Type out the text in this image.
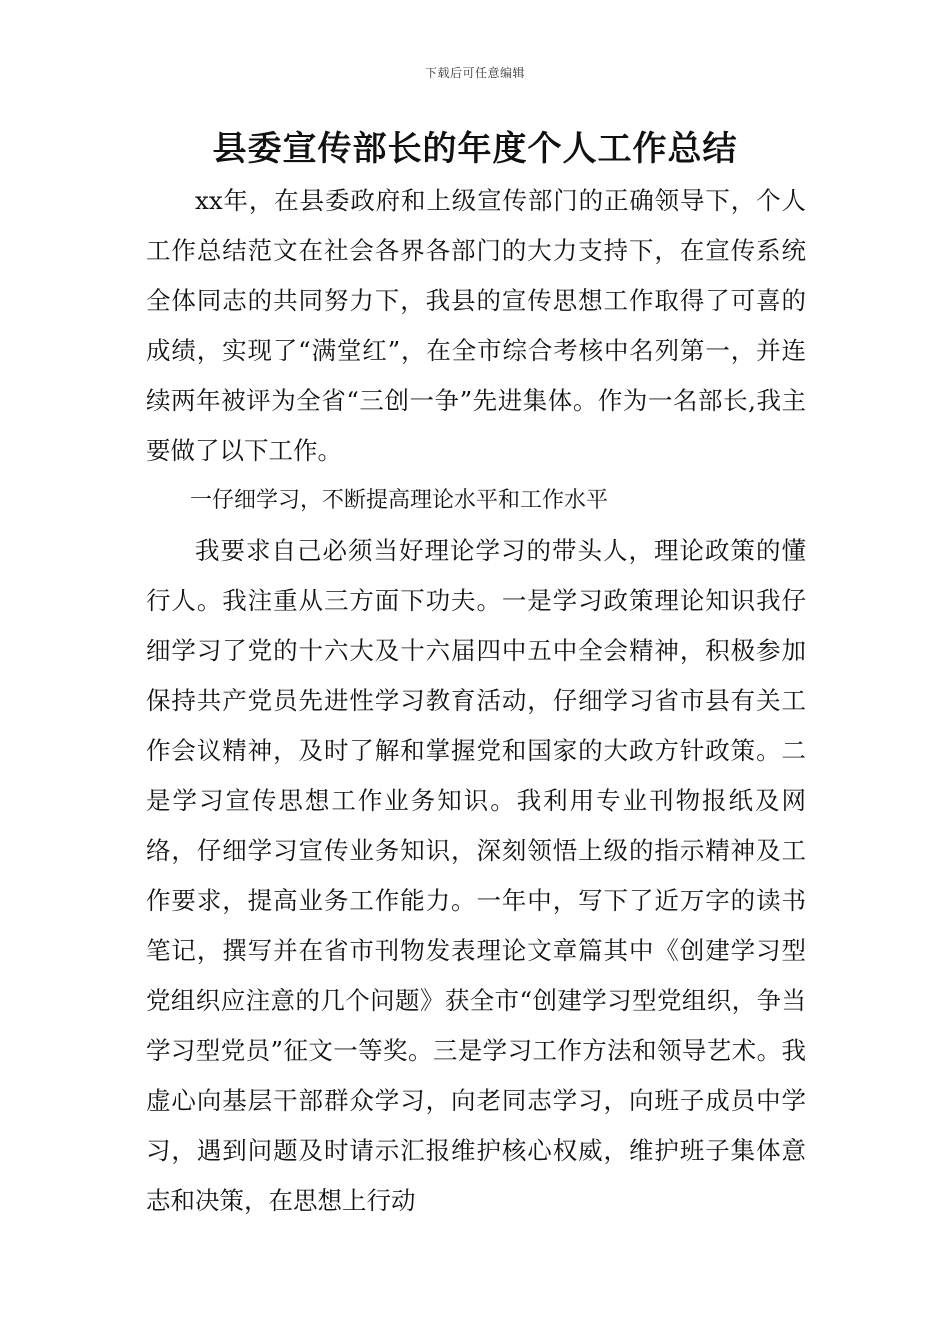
下载后可任意编辑
县委宣传部长的年度个人工作总结

xx年，在县委政府和上级宣传部门的正确领导下，个人工作总结范文在社会各界各部门的大力支持下，在宣传系统全体同志的共同努力下，我县的宣传思想工作取得了可喜的成绩，实现了“满堂红”，在全市综合考核中名列第一，并连续两年被评为全省“三创一争”先进集体。作为一名部长,我主要做了以下工作。

一仔细学习，不断提高理论水平和工作水平

我要求自己必须当好理论学习的带头人，理论政策的懂行人。我注重从三方面下功夫。一是学习政策理论知识我仔细学习了党的十六大及十六届四中五中全会精神，积极参加保持共产党员先进性学习教育活动，仔细学习省市县有关工作会议精神，及时了解和掌握党和国家的大政方针政策。二是学习宣传思想工作业务知识。我利用专业刊物报纸及网络，仔细学习宣传业务知识，深刻领悟上级的指示精神及工作要求，提高业务工作能力。一年中，写下了近万字的读书笔记，撰写并在省市刊物发表理论文章篇其中《创建学习型党组织应注意的几个问题》获全市“创建学习型党组织，争当学习型党员”征文一等奖。三是学习工作方法和领导艺术。我虚心向基层干部群众学习，向老同志学习，向班子成员中学习，遇到问题及时请示汇报维护核心权威，维护班子集体意志和决策，在思想上行动
